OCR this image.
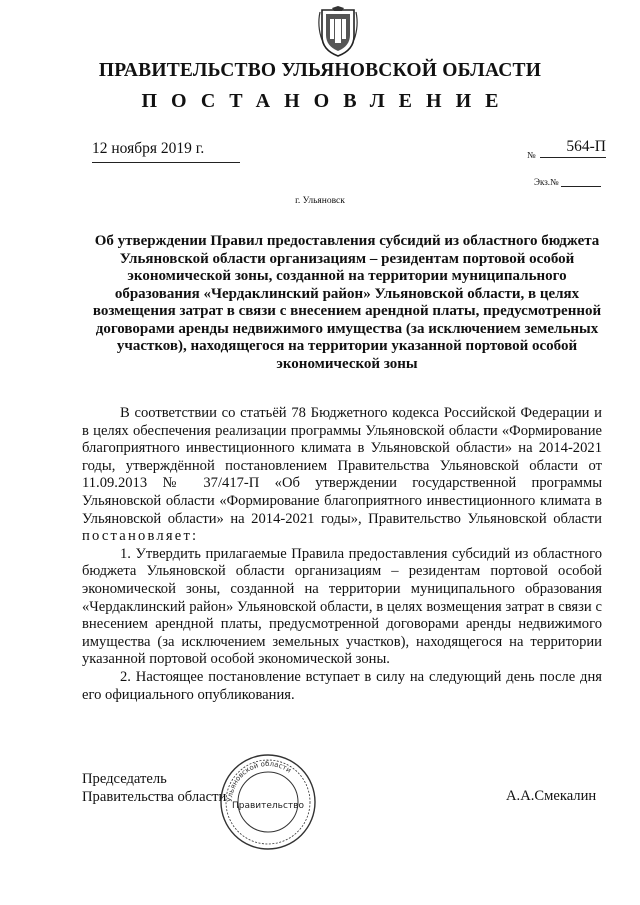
ПРАВИТЕЛЬСТВО УЛЬЯНОВСКОЙ ОБЛАСТИ
ПОСТАНОВЛЕНИЕ
12 ноября 2019 г.	№	564-П
Экз.№
г. Ульяновск
Об утверждении Правил предоставления субсидий из областного бюджета Ульяновской области организациям – резидентам портовой особой экономической зоны, созданной на территории муниципального образования «Чердаклинский район» Ульяновской области, в целях возмещения затрат в связи с внесением арендной платы, предусмотренной договорами аренды недвижимого имущества (за исключением земельных участков), находящегося на территории указанной портовой особой экономической зоны

В соответствии со статьёй 78 Бюджетного кодекса Российской Федерации и в целях обеспечения реализации программы Ульяновской области «Формирование благоприятного инвестиционного климата в Ульяновской области» на 2014-2021 годы, утверждённой постановлением Правительства Ульяновской области от 11.09.2013 № 37/417-П «Об утверждении государственной программы Ульяновской области «Формирование благоприятного инвестиционного климата в Ульяновской области» на 2014-2021 годы», Правительство Ульяновской области постановляет:

1. Утвердить прилагаемые Правила предоставления субсидий из областного бюджета Ульяновской области организациям – резидентам портовой особой экономической зоны, созданной на территории муниципального образования «Чердаклинский район» Ульяновской области, в целях возмещения затрат в связи с внесением арендной платы, предусмотренной договорами аренды недвижимого имущества (за исключением земельных участков), находящегося на территории указанной портовой особой экономической зоны.

2. Настоящее постановление вступает в силу на следующий день после дня его официального опубликования.

Председатель
Правительства области Ульяновской области
Правительство
А.А.Смекалин
